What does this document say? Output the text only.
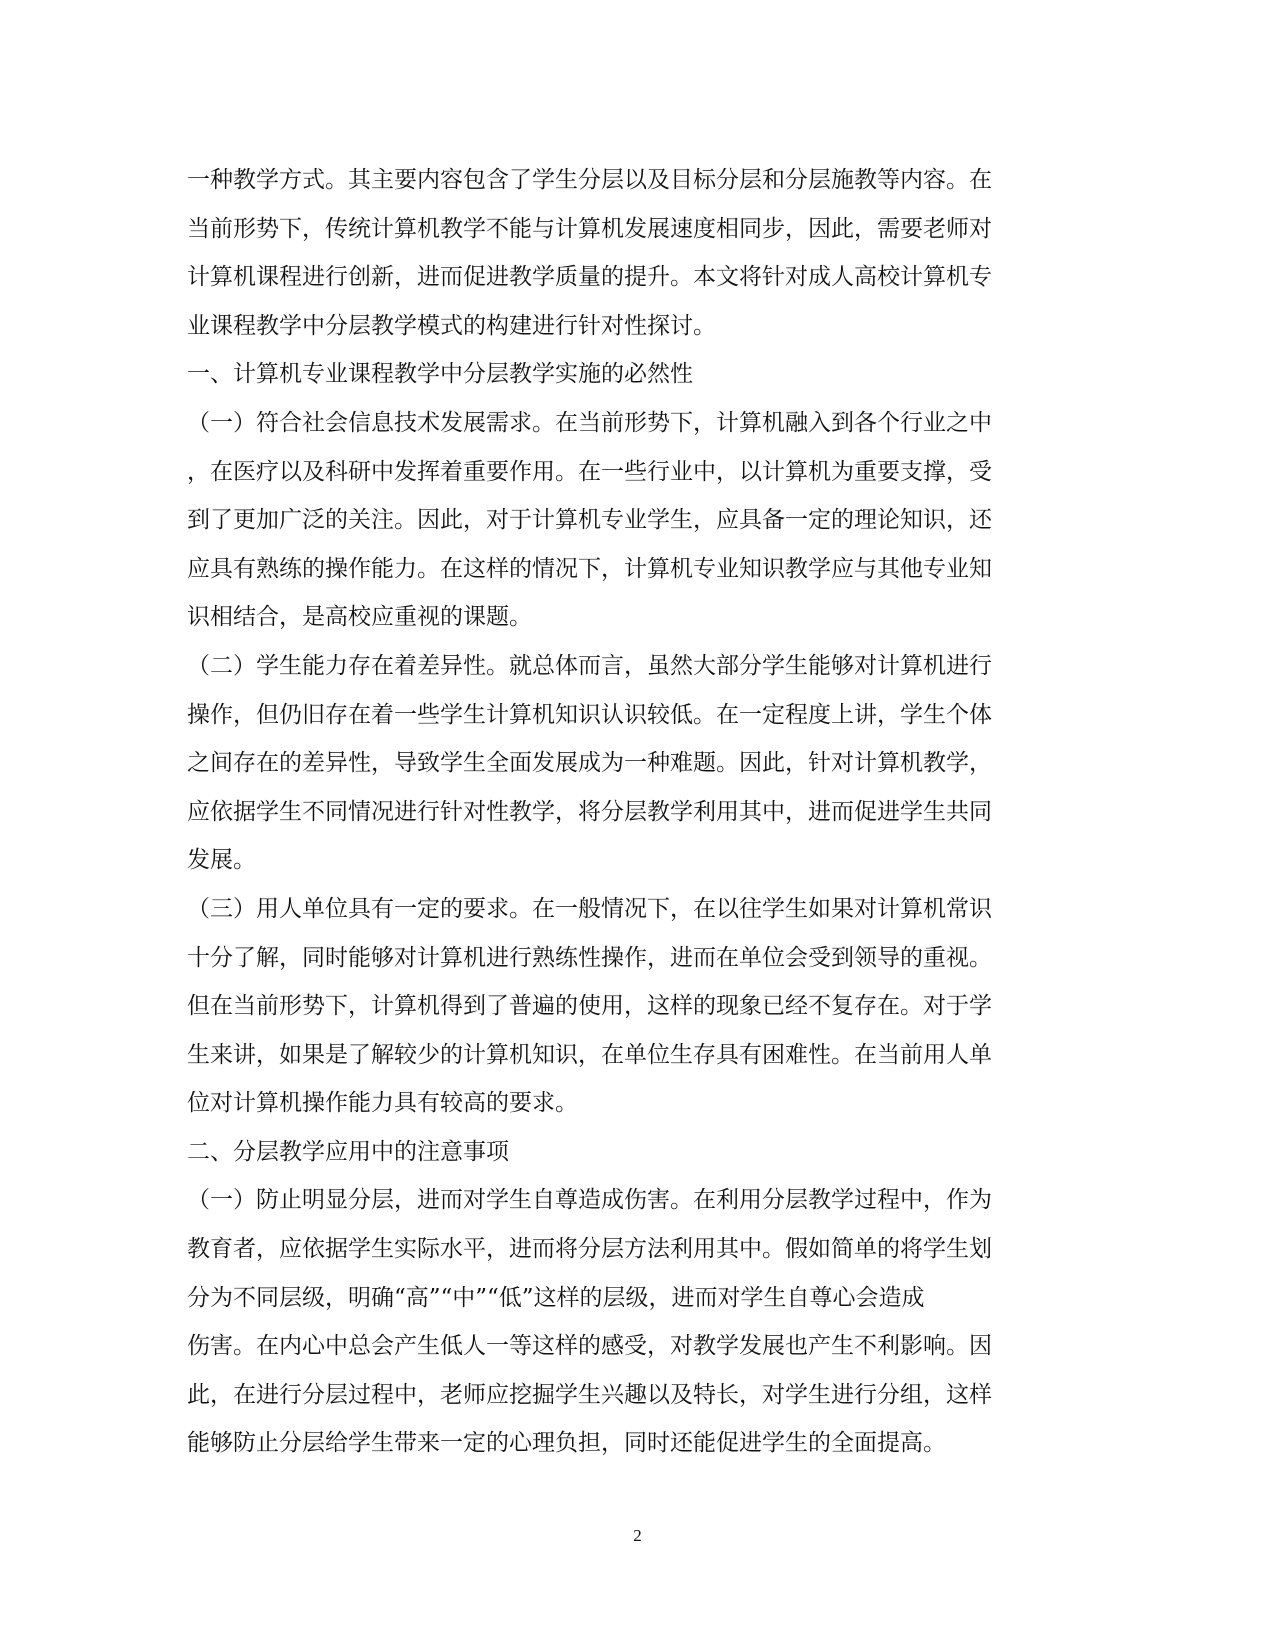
一种教学方式。其主要内容包含了学生分层以及目标分层和分层施教等内容。在
当前形势下，传统计算机教学不能与计算机发展速度相同步，因此，需要老师对
计算机课程进行创新，进而促进教学质量的提升。本文将针对成人高校计算机专
业课程教学中分层教学模式的构建进行针对性探讨。
一、计算机专业课程教学中分层教学实施的必然性
（一）符合社会信息技术发展需求。在当前形势下，计算机融入到各个行业之中
，在医疗以及科研中发挥着重要作用。在一些行业中，以计算机为重要支撑，受
到了更加广泛的关注。因此，对于计算机专业学生，应具备一定的理论知识，还
应具有熟练的操作能力。在这样的情况下，计算机专业知识教学应与其他专业知
识相结合，是高校应重视的课题。
（二）学生能力存在着差异性。就总体而言，虽然大部分学生能够对计算机进行
操作，但仍旧存在着一些学生计算机知识认识较低。在一定程度上讲，学生个体
之间存在的差异性，导致学生全面发展成为一种难题。因此，针对计算机教学，
应依据学生不同情况进行针对性教学，将分层教学利用其中，进而促进学生共同
发展。
（三）用人单位具有一定的要求。在一般情况下，在以往学生如果对计算机常识
十分了解，同时能够对计算机进行熟练性操作，进而在单位会受到领导的重视。
但在当前形势下，计算机得到了普遍的使用，这样的现象已经不复存在。对于学
生来讲，如果是了解较少的计算机知识，在单位生存具有困难性。在当前用人单
位对计算机操作能力具有较高的要求。
二、分层教学应用中的注意事项
（一）防止明显分层，进而对学生自尊造成伤害。在利用分层教学过程中，作为
教育者，应依据学生实际水平，进而将分层方法利用其中。假如简单的将学生划
分为不同层级，明确“高”“中”“低”这样的层级，进而对学生自尊心会造成
伤害。在内心中总会产生低人一等这样的感受，对教学发展也产生不利影响。因
此，在进行分层过程中，老师应挖掘学生兴趣以及特长，对学生进行分组，这样
能够防止分层给学生带来一定的心理负担，同时还能促进学生的全面提高。
2
